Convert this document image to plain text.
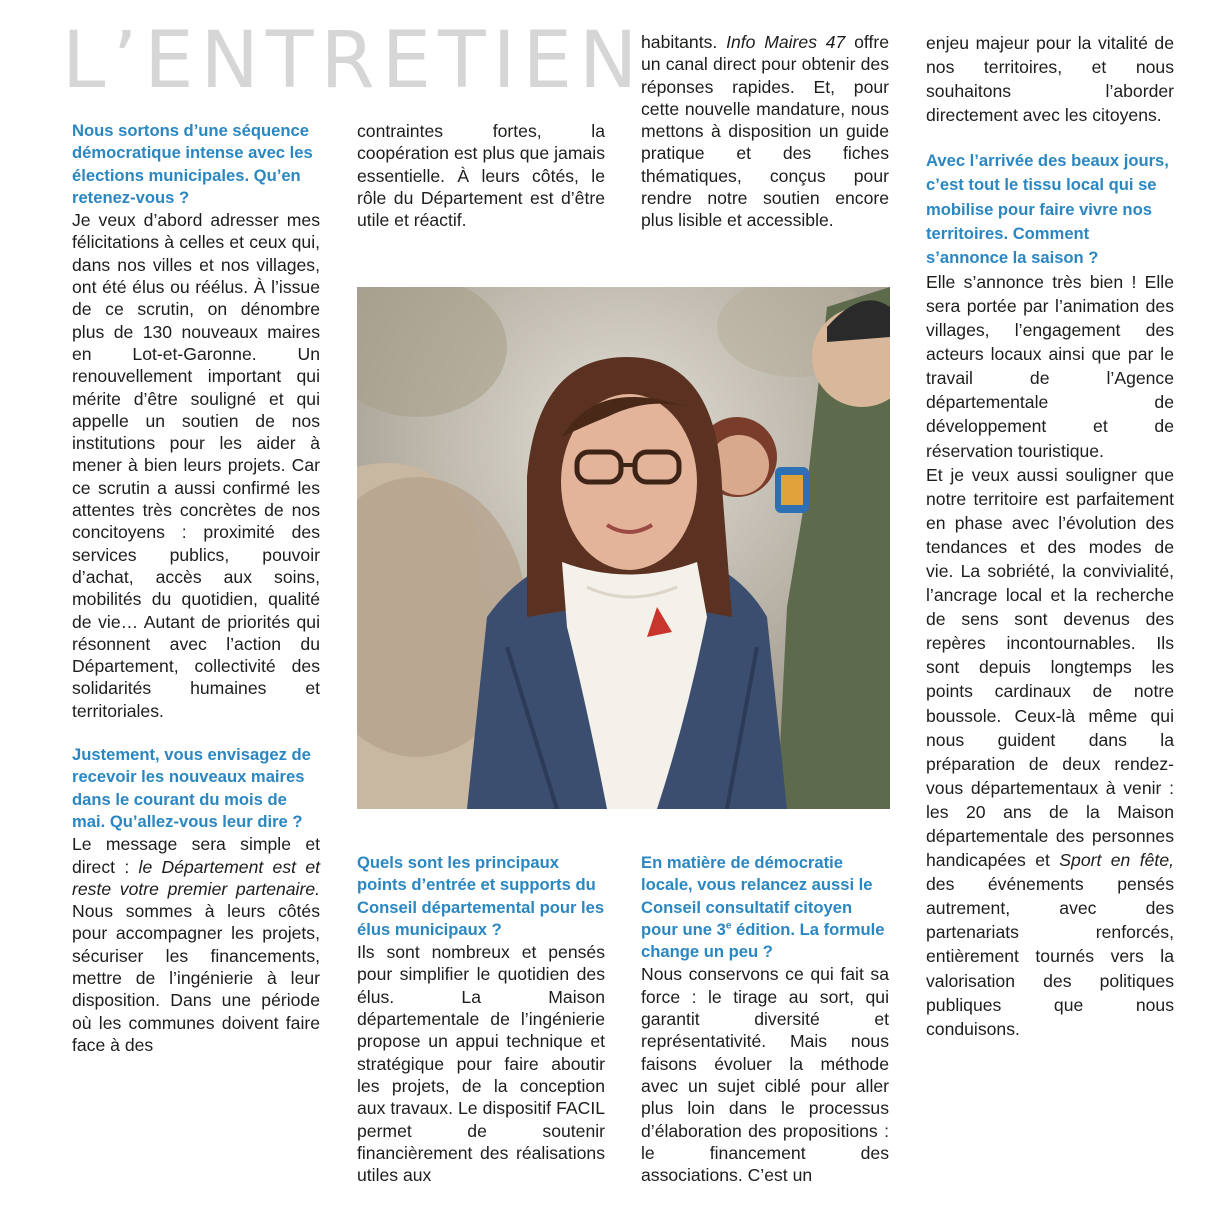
L’ENTRETIEN
Nous sortons d’une séquence démocratique intense avec les élections municipales. Qu’en retenez-vous ?

Je veux d’abord adresser mes félicitations à celles et ceux qui, dans nos villes et nos villages, ont été élus ou réélus. À l’issue de ce scrutin, on dénombre plus de 130 nouveaux maires en Lot-et-Garonne. Un renouvellement important qui mérite d’être souligné et qui appelle un soutien de nos institutions pour les aider à mener à bien leurs projets. Car ce scrutin a aussi confirmé les attentes très concrètes de nos concitoyens : proximité des services publics, pouvoir d’achat, accès aux soins, mobilités du quotidien, qualité de vie… Autant de priorités qui résonnent avec l’action du Département, collectivité des solidarités humaines et territoriales.

Justement, vous envisagez de recevoir les nouveaux maires dans le courant du mois de mai. Qu’allez-vous leur dire ?

Le message sera simple et direct : le Département est et reste votre premier partenaire. Nous sommes à leurs côtés pour accompagner les projets, sécuriser les financements, mettre de l’ingénierie à leur disposition. Dans une période où les communes doivent faire face à des

contraintes fortes, la coopération est plus que jamais essentielle. À leurs côtés, le rôle du Département est d’être utile et réactif.

Quels sont les principaux points d’entrée et supports du Conseil départemental pour les élus municipaux ?

Ils sont nombreux et pensés pour simplifier le quotidien des élus. La Maison départementale de l’ingénierie propose un appui technique et stratégique pour faire aboutir les projets, de la conception aux travaux. Le dispositif FACIL permet de soutenir financièrement des réalisations utiles aux

habitants. Info Maires 47 offre un canal direct pour obtenir des réponses rapides. Et, pour cette nouvelle mandature, nous mettons à disposition un guide pratique et des fiches thématiques, conçus pour rendre notre soutien encore plus lisible et accessible.

En matière de démocratie locale, vous relancez aussi le Conseil consultatif citoyen pour une 3e édition. La formule change un peu ?

Nous conservons ce qui fait sa force : le tirage au sort, qui garantit diversité et représentativité. Mais nous faisons évoluer la méthode avec un sujet ciblé pour aller plus loin dans le processus d’élaboration des propositions : le financement des associations. C’est un

enjeu majeur pour la vitalité de nos territoires, et nous souhaitons l’aborder directement avec les citoyens.

Avec l’arrivée des beaux jours, c’est tout le tissu local qui se mobilise pour faire vivre nos territoires. Comment s’annonce la saison ?

Elle s’annonce très bien ! Elle sera portée par l’animation des villages, l’engagement des acteurs locaux ainsi que par le travail de l’Agence départementale de développement et de réservation touristique.

Et je veux aussi souligner que notre territoire est parfaitement en phase avec l’évolution des tendances et des modes de vie. La sobriété, la convivialité, l’ancrage local et la recherche de sens sont devenus des repères incontournables. Ils sont depuis longtemps les points cardinaux de notre boussole. Ceux-là même qui nous guident dans la préparation de deux rendez-vous départementaux à venir : les 20 ans de la Maison départementale des personnes handicapées et Sport en fête, des événements pensés autrement, avec des partenariats renforcés, entièrement tournés vers la valorisation des politiques publiques que nous conduisons.
